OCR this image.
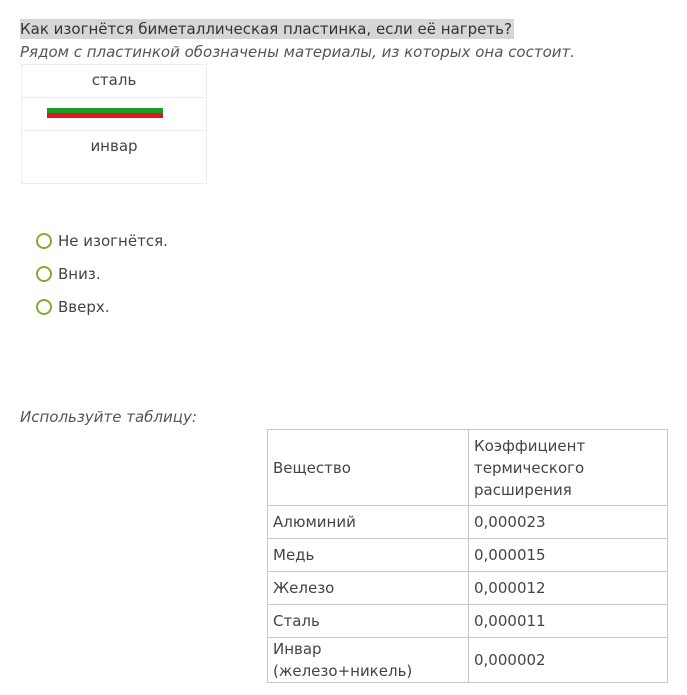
Как изогнётся биметаллическая пластинка, если её нагреть?
Рядом с пластинкой обозначены материалы, из которых она состоит.
сталь
инвар
Не изогнётся.
Вниз.
Вверх.
Используйте таблицу:
Вещество	Коэффициент термического расширения
Алюминий	0,000023
Медь	0,000015
Железо	0,000012
Сталь	0,000011
Инвар (железо+никель)	0,000002
